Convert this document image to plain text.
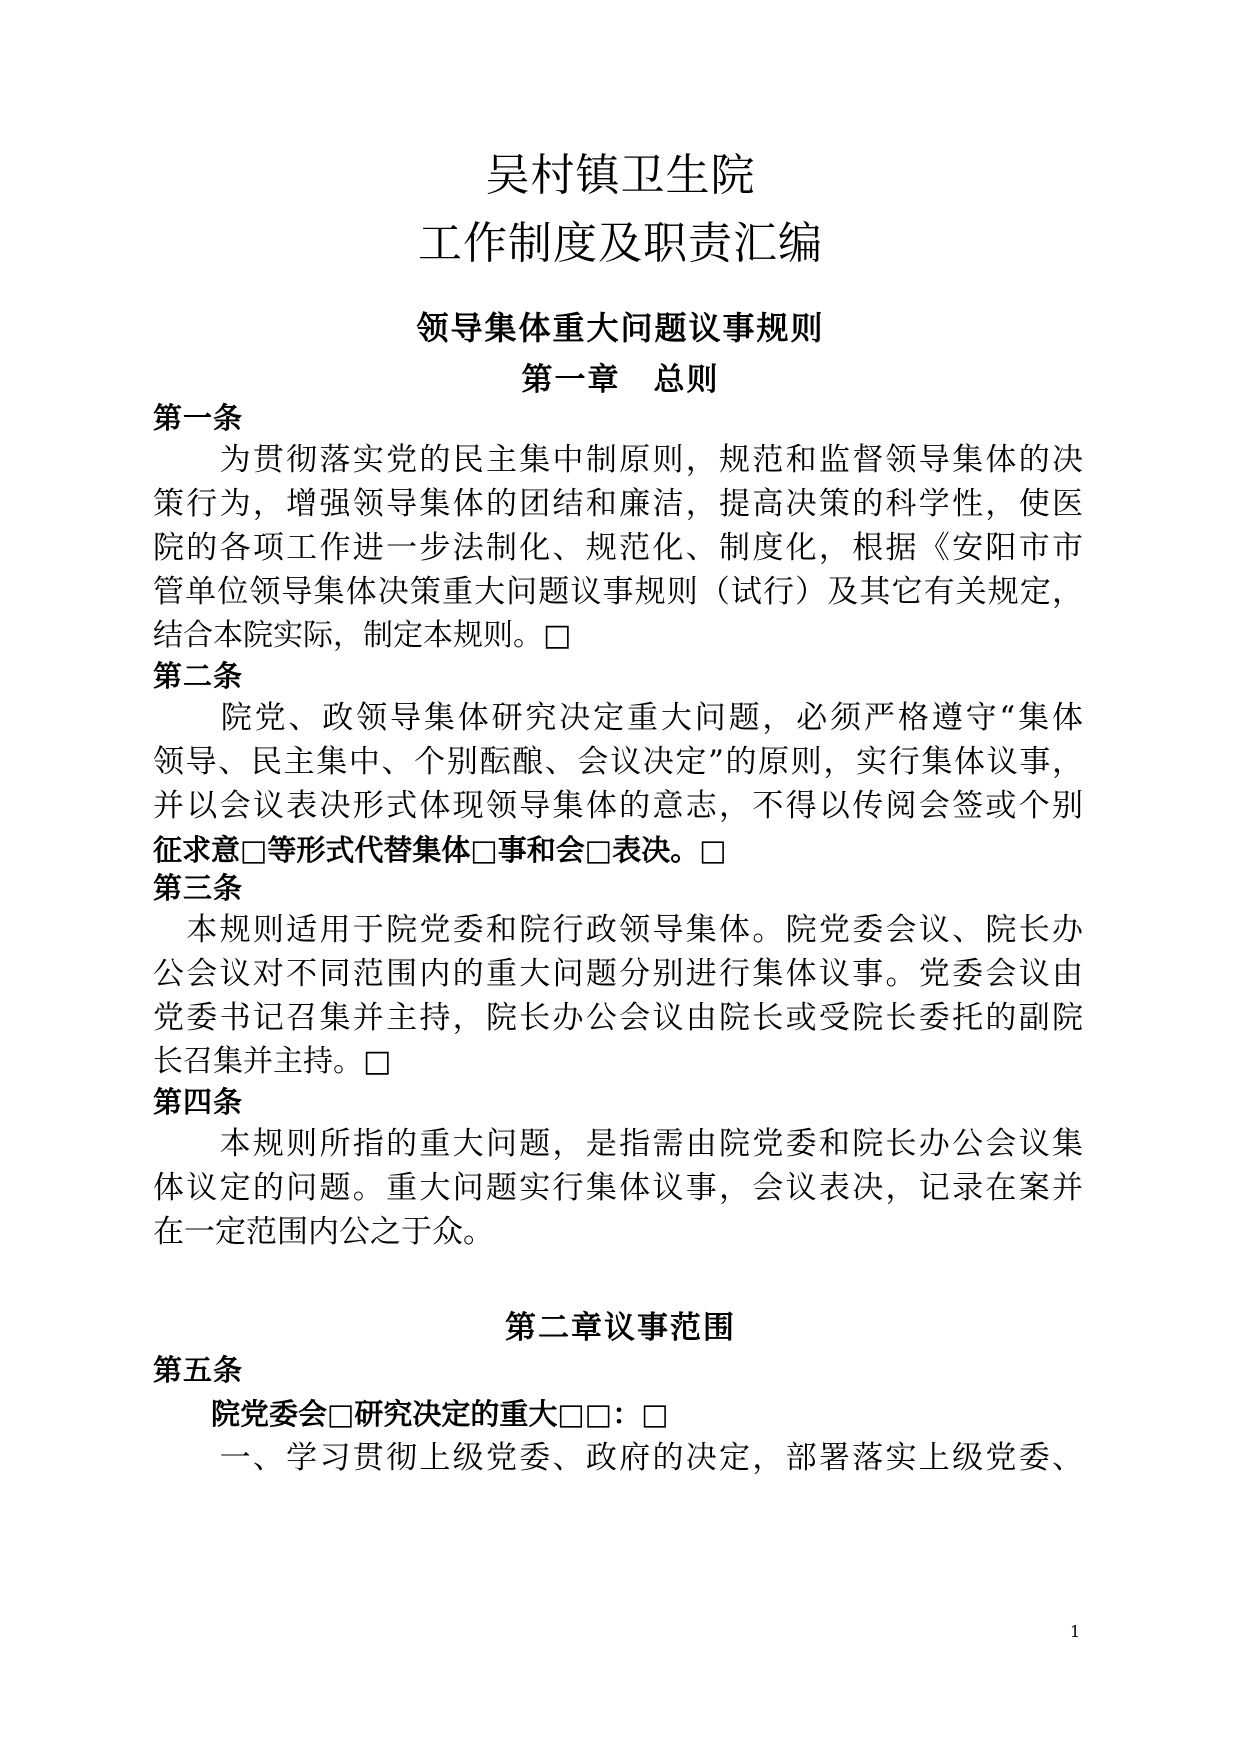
吴村镇卫生院
工作制度及职责汇编
领导集体重大问题议事规则
第一章　总则
第一条
　　为贯彻落实党的民主集中制原则，规范和监督领导集体的决
策行为，增强领导集体的团结和廉洁，提高决策的科学性，使医
院的各项工作进一步法制化、规范化、制度化，根据《安阳市市
管单位领导集体决策重大问题议事规则（试行）及其它有关规定，
结合本院实际，制定本规则。□
第二条
　　院党、政领导集体研究决定重大问题，必须严格遵守“集体
领导、民主集中、个别酝酿、会议决定”的原则，实行集体议事，
并以会议表决形式体现领导集体的意志，不得以传阅会签或个别
征求意□等形式代替集体□事和会□表决。□
第三条
　本规则适用于院党委和院行政领导集体。院党委会议、院长办
公会议对不同范围内的重大问题分别进行集体议事。党委会议由
党委书记召集并主持，院长办公会议由院长或受院长委托的副院
长召集并主持。□
第四条
　　本规则所指的重大问题，是指需由院党委和院长办公会议集
体议定的问题。重大问题实行集体议事，会议表决，记录在案并
在一定范围内公之于众。
第二章议事范围
第五条
　　院党委会□研究决定的重大□□：□
　　一、学习贯彻上级党委、政府的决定，部署落实上级党委、
1
